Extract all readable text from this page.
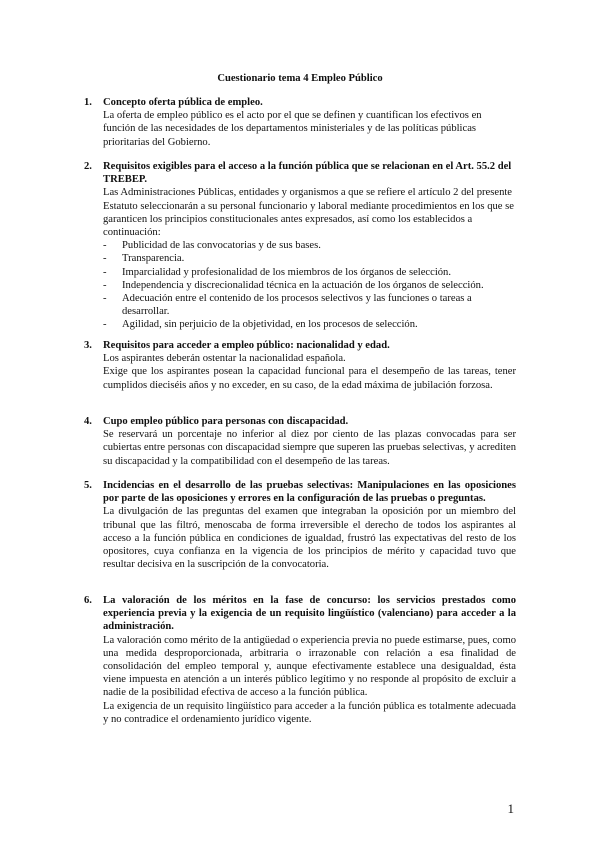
Cuestionario tema 4 Empleo Público
1. Concepto oferta pública de empleo.

La oferta de empleo público es el acto por el que se definen y cuantifican los efectivos en función de las necesidades de los departamentos ministeriales y de las políticas públicas prioritarias del Gobierno.

2. Requisitos exigibles para el acceso a la función pública que se relacionan en el Art. 55.2 del TREBEP.

Las Administraciones Públicas, entidades y organismos a que se refiere el artículo 2 del presente Estatuto seleccionarán a su personal funcionario y laboral mediante procedimientos en los que se garanticen los principios constitucionales antes expresados, así como los establecidos a continuación:

- Publicidad de las convocatorias y de sus bases.
- Transparencia.
- Imparcialidad y profesionalidad de los miembros de los órganos de selección.
- Independencia y discrecionalidad técnica en la actuación de los órganos de selección.
- Adecuación entre el contenido de los procesos selectivos y las funciones o tareas a desarrollar.
- Agilidad, sin perjuicio de la objetividad, en los procesos de selección.
3. Requisitos para acceder a empleo público: nacionalidad y edad.

Los aspirantes deberán ostentar la nacionalidad española.

Exige que los aspirantes posean la capacidad funcional para el desempeño de las tareas, tener cumplidos dieciséis años y no exceder, en su caso, de la edad máxima de jubilación forzosa.

4. Cupo empleo público para personas con discapacidad.

Se reservará un porcentaje no inferior al diez por ciento de las plazas convocadas para ser cubiertas entre personas con discapacidad siempre que superen las pruebas selectivas, y acrediten su discapacidad y la compatibilidad con el desempeño de las tareas.

5. Incidencias en el desarrollo de las pruebas selectivas: Manipulaciones en las oposiciones por parte de las oposiciones y errores en la configuración de las pruebas o preguntas.

La divulgación de las preguntas del examen que integraban la oposición por un miembro del tribunal que las filtró, menoscaba de forma irreversible el derecho de todos los aspirantes al acceso a la función pública en condiciones de igualdad, frustró las expectativas del resto de los opositores, cuya confianza en la vigencia de los principios de mérito y capacidad tuvo que resultar decisiva en la suscripción de la convocatoria.

6. La valoración de los méritos en la fase de concurso: los servicios prestados como experiencia previa y la exigencia de un requisito lingüístico (valenciano) para acceder a la administración.

La valoración como mérito de la antigüedad o experiencia previa no puede estimarse, pues, como una medida desproporcionada, arbitraria o irrazonable con relación a esa finalidad de consolidación del empleo temporal y, aunque efectivamente establece una desigualdad, ésta viene impuesta en atención a un interés público legítimo y no responde al propósito de excluir a nadie de la posibilidad efectiva de acceso a la función pública.

La exigencia de un requisito lingüístico para acceder a la función pública es totalmente adecuada y no contradice el ordenamiento jurídico vigente.

1
